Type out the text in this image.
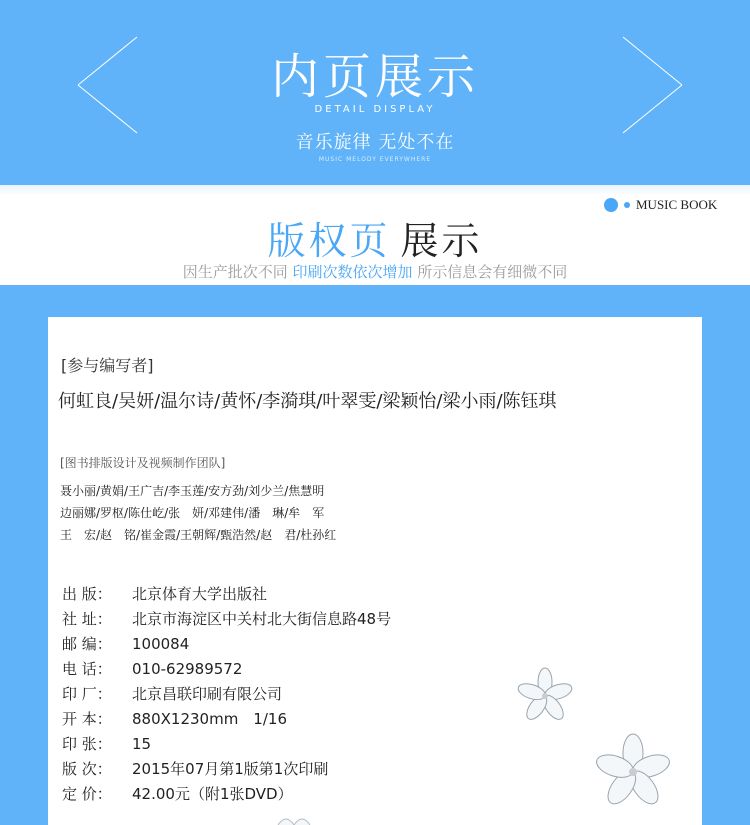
内页展示
DETAIL DISPLAY
音乐旋律 无处不在
MUSIC MELODY EVERYWHERE
MUSIC BOOK
版权页 展示
因生产批次不同 印刷次数依次增加 所示信息会有细微不同
[参与编写者]
何虹良/吴妍/温尔诗/黄怀/李漪琪/叶翠雯/梁颖怡/梁小雨/陈钰琪
[图书排版设计及视频制作团队]
聂小丽/黄娟/王广吉/李玉莲/安方劲/刘少兰/焦慧明
边丽娜/罗枢/陈仕屹/张　妍/邓建伟/潘　琳/牟　军
王　宏/赵　铭/崔金霞/王朝辉/甄浩然/赵　君/杜孙红
出 版： 北京体育大学出版社
社 址： 北京市海淀区中关村北大街信息路48号
邮 编： 100084
电 话： 010-62989572
印 厂： 北京昌联印刷有限公司
开 本： 880X1230mm　1/16
印 张： 15
版 次： 2015年07月第1版第1次印刷
定 价： 42.00元（附1张DVD）
